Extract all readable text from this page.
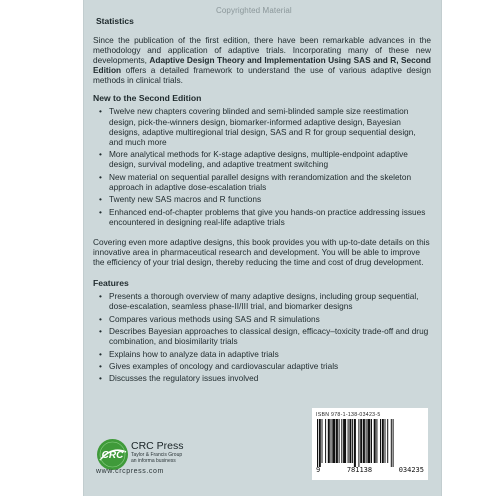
Copyrighted Material
Statistics

Since the publication of the first edition, there have been remarkable advances in the methodology and application of adaptive trials. Incorporating many of these new developments, Adaptive Design Theory and Implementation Using SAS and R, Second Edition offers a detailed framework to understand the use of various adaptive design methods in clinical trials.

New to the Second Edition
• Twelve new chapters covering blinded and semi-blinded sample size reestimation design, pick-the-winners design, biomarker-informed adaptive design, Bayesian designs, adaptive multiregional trial design, SAS and R for group sequential design, and much more
• More analytical methods for K-stage adaptive designs, multiple-endpoint adaptive design, survival modeling, and adaptive treatment switching
• New material on sequential parallel designs with rerandomization and the skeleton approach in adaptive dose-escalation trials
• Twenty new SAS macros and R functions
• Enhanced end-of-chapter problems that give you hands-on practice addressing issues encountered in designing real-life adaptive trials

Covering even more adaptive designs, this book provides you with up-to-date details on this innovative area in pharmaceutical research and development. You will be able to improve the efficiency of your trial design, thereby reducing the time and cost of drug development.

Features
• Presents a thorough overview of many adaptive designs, including group sequential, dose-escalation, seamless phase-II/III trial, and biomarker designs
• Compares various methods using SAS and R simulations
• Describes Bayesian approaches to classical design, efficacy–toxicity trade-off and drug combination, and biosimilarity trials
• Explains how to analyze data in adaptive trials
• Gives examples of oncology and cardiovascular adaptive trials
• Discusses the regulatory issues involved
CRC
CRC Press
Taylor & Francis Group
an informa business
www.crcpress.com
ISBN 978-1-138-03423-5
9	781138	034235
